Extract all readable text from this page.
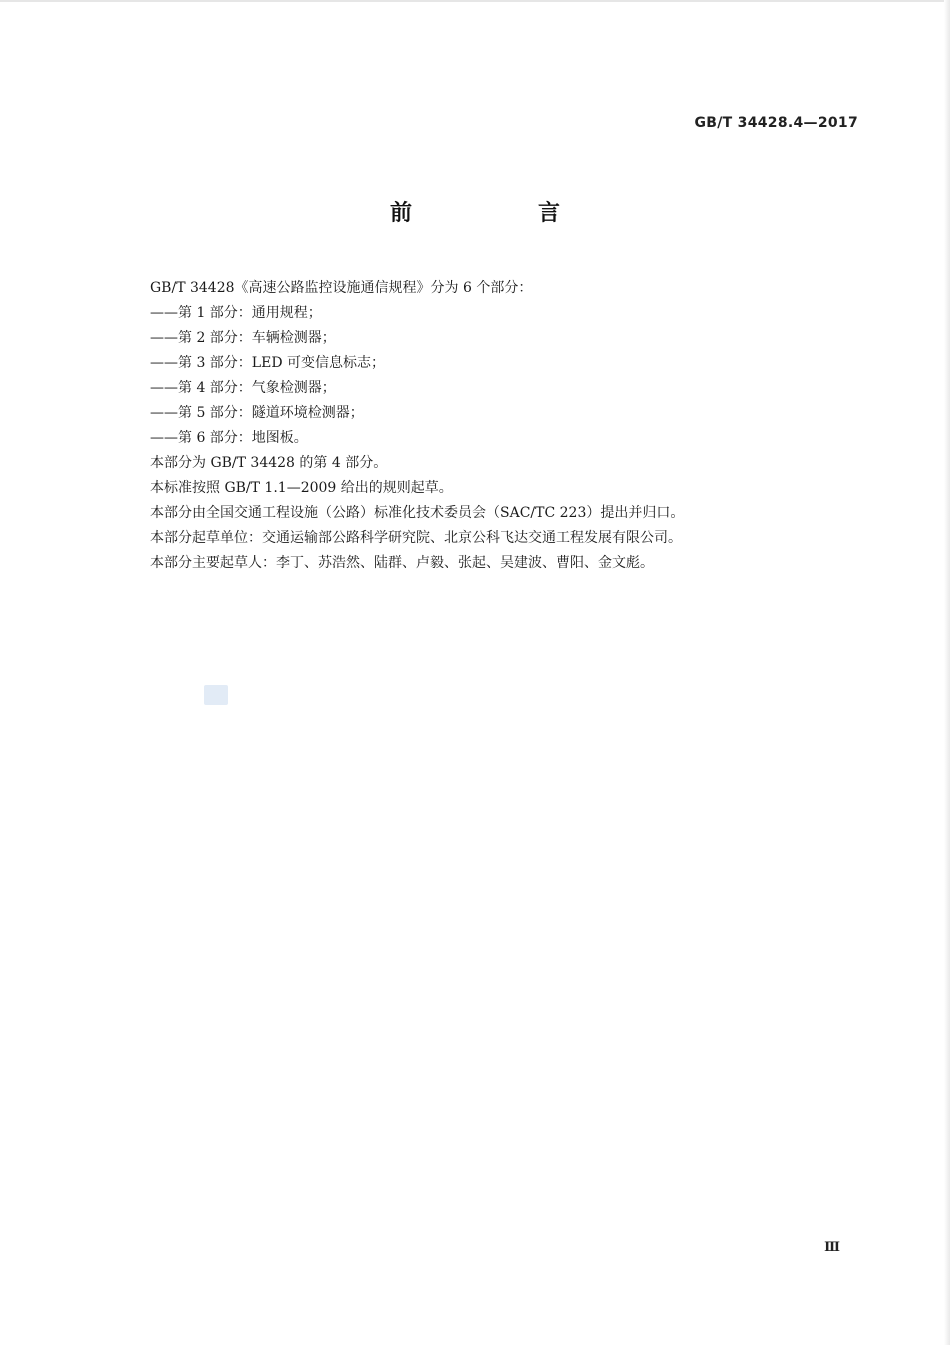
GB/T 34428.4—2017
前　言

GB/T 34428《高速公路监控设施通信规程》分为 6 个部分：

——第 1 部分：通用规程；

——第 2 部分：车辆检测器；

——第 3 部分：LED 可变信息标志；

——第 4 部分：气象检测器；

——第 5 部分：隧道环境检测器；

——第 6 部分：地图板。

本部分为 GB/T 34428 的第 4 部分。

本标准按照 GB/T 1.1—2009 给出的规则起草。

本部分由全国交通工程设施（公路）标准化技术委员会（SAC/TC 223）提出并归口。

本部分起草单位：交通运输部公路科学研究院、北京公科飞达交通工程发展有限公司。

本部分主要起草人：李丁、苏浩然、陆群、卢毅、张起、吴建波、曹阳、金文彪。

Ⅲ
